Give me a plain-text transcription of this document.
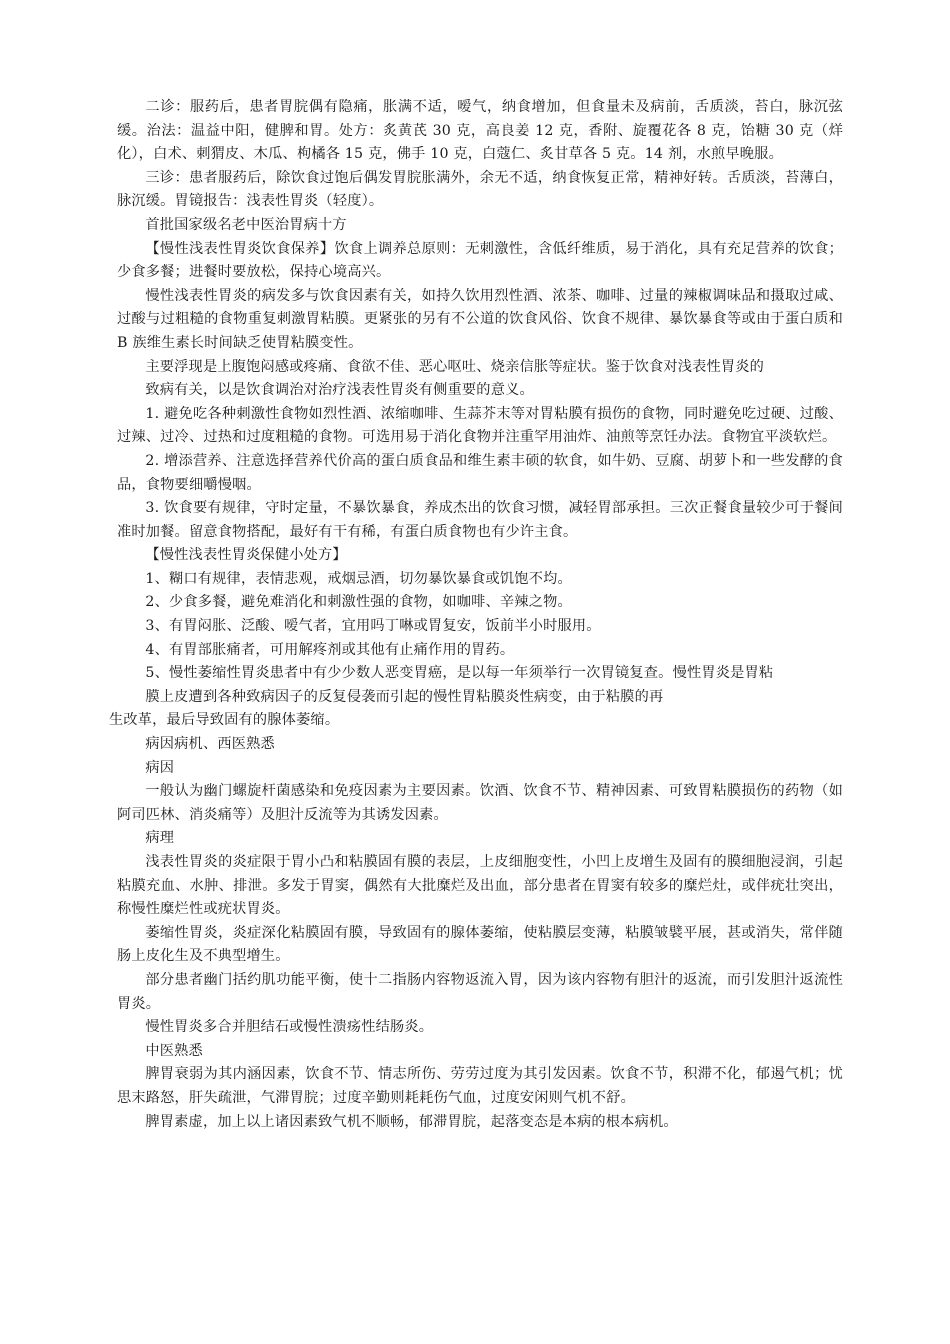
二诊：服药后，患者胃脘偶有隐痛，胀满不适，嗳气，纳食增加，但食量未及病前，舌质淡，苔白，脉沉弦缓。治法：温益中阳，健脾和胃。处方：炙黄芪 30 克，高良姜 12 克，香附、旋覆花各 8 克，饴糖 30 克（烊化），白术、刺猬皮、木瓜、枸橘各 15 克，佛手 10 克，白蔻仁、炙甘草各 5 克。14 剂，水煎早晚服。

三诊：患者服药后，除饮食过饱后偶发胃脘胀满外，余无不适，纳食恢复正常，精神好转。舌质淡，苔薄白，脉沉缓。胃镜报告：浅表性胃炎（轻度）。

首批国家级名老中医治胃病十方

【慢性浅表性胃炎饮食保养】饮食上调养总原则：无刺激性，含低纤维质，易于消化，具有充足营养的饮食；少食多餐；进餐时要放松，保持心境高兴。

慢性浅表性胃炎的病发多与饮食因素有关，如持久饮用烈性酒、浓茶、咖啡、过量的辣椒调味品和摄取过咸、过酸与过粗糙的食物重复刺激胃粘膜。更紧张的另有不公道的饮食风俗、饮食不规律、暴饮暴食等或由于蛋白质和 B 族维生素长时间缺乏使胃粘膜变性。

主要浮现是上腹饱闷感或疼痛、食欲不佳、恶心呕吐、烧亲信胀等症状。鉴于饮食对浅表性胃炎的

致病有关，以是饮食调治对治疗浅表性胃炎有侧重要的意义。

1. 避免吃各种刺激性食物如烈性酒、浓缩咖啡、生蒜芥末等对胃粘膜有损伤的食物，同时避免吃过硬、过酸、过辣、过冷、过热和过度粗糙的食物。可选用易于消化食物并注重罕用油炸、油煎等烹饪办法。食物宜平淡软烂。

2. 增添营养、注意选择营养代价高的蛋白质食品和维生素丰硕的软食，如牛奶、豆腐、胡萝卜和一些发酵的食品，食物要细嚼慢咽。

3. 饮食要有规律，守时定量，不暴饮暴食，养成杰出的饮食习惯，减轻胃部承担。三次正餐食量较少可于餐间准时加餐。留意食物搭配，最好有干有稀，有蛋白质食物也有少许主食。

【慢性浅表性胃炎保健小处方】

1、糊口有规律，表情悲观，戒烟忌酒，切勿暴饮暴食或饥饱不均。

2、少食多餐，避免难消化和刺激性强的食物，如咖啡、辛辣之物。

3、有胃闷胀、泛酸、嗳气者，宜用吗丁啉或胃复安，饭前半小时服用。

4、有胃部胀痛者，可用解疼剂或其他有止痛作用的胃药。

5、慢性萎缩性胃炎患者中有少少数人恶变胃癌，是以每一年须举行一次胃镜复查。慢性胃炎是胃粘

膜上皮遭到各种致病因子的反复侵袭而引起的慢性胃粘膜炎性病变，由于粘膜的再

生改革，最后导致固有的腺体萎缩。

病因病机、西医熟悉

病因

一般认为幽门螺旋杆菌感染和免疫因素为主要因素。饮酒、饮食不节、精神因素、可致胃粘膜损伤的药物（如阿司匹林、消炎痛等）及胆汁反流等为其诱发因素。

病理

浅表性胃炎的炎症限于胃小凸和粘膜固有膜的表层，上皮细胞变性，小凹上皮增生及固有的膜细胞浸润，引起粘膜充血、水肿、排泄。多发于胃窦，偶然有大批糜烂及出血，部分患者在胃窦有较多的糜烂灶，或伴疣壮突出，称慢性糜烂性或疣状胃炎。

萎缩性胃炎，炎症深化粘膜固有膜，导致固有的腺体萎缩，使粘膜层变薄，粘膜皱襞平展，甚或消失，常伴随肠上皮化生及不典型增生。

部分患者幽门括约肌功能平衡，使十二指肠内容物返流入胃，因为该内容物有胆汁的返流，而引发胆汁返流性胃炎。

慢性胃炎多合并胆结石或慢性溃疡性结肠炎。

中医熟悉

脾胃衰弱为其内涵因素，饮食不节、情志所伤、劳劳过度为其引发因素。饮食不节，积滞不化，郁遏气机；忧思末路怒，肝失疏泄，气滞胃脘；过度辛勤则耗耗伤气血，过度安闲则气机不舒。

脾胃素虚，加上以上诸因素致气机不顺畅，郁滞胃脘，起落变态是本病的根本病机。
